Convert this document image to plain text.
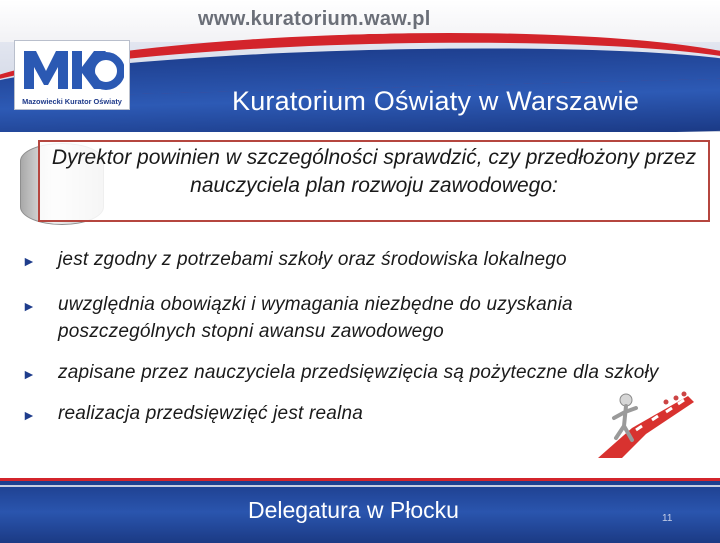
www.kuratorium.waw.pl
Kuratorium Oświaty w Warszawie
Mazowiecki Kurator Oświaty
Dyrektor powinien w szczególności sprawdzić, czy przedłożony przez nauczyciela plan rozwoju zawodowego:
► jest zgodny z potrzebami szkoły oraz środowiska lokalnego
► uwzględnia obowiązki i wymagania niezbędne do uzyskania poszczególnych stopni awansu zawodowego
► zapisane przez nauczyciela przedsięwzięcia są pożyteczne dla szkoły
► realizacja przedsięwzięć jest realna
Delegatura w Płocku	11
